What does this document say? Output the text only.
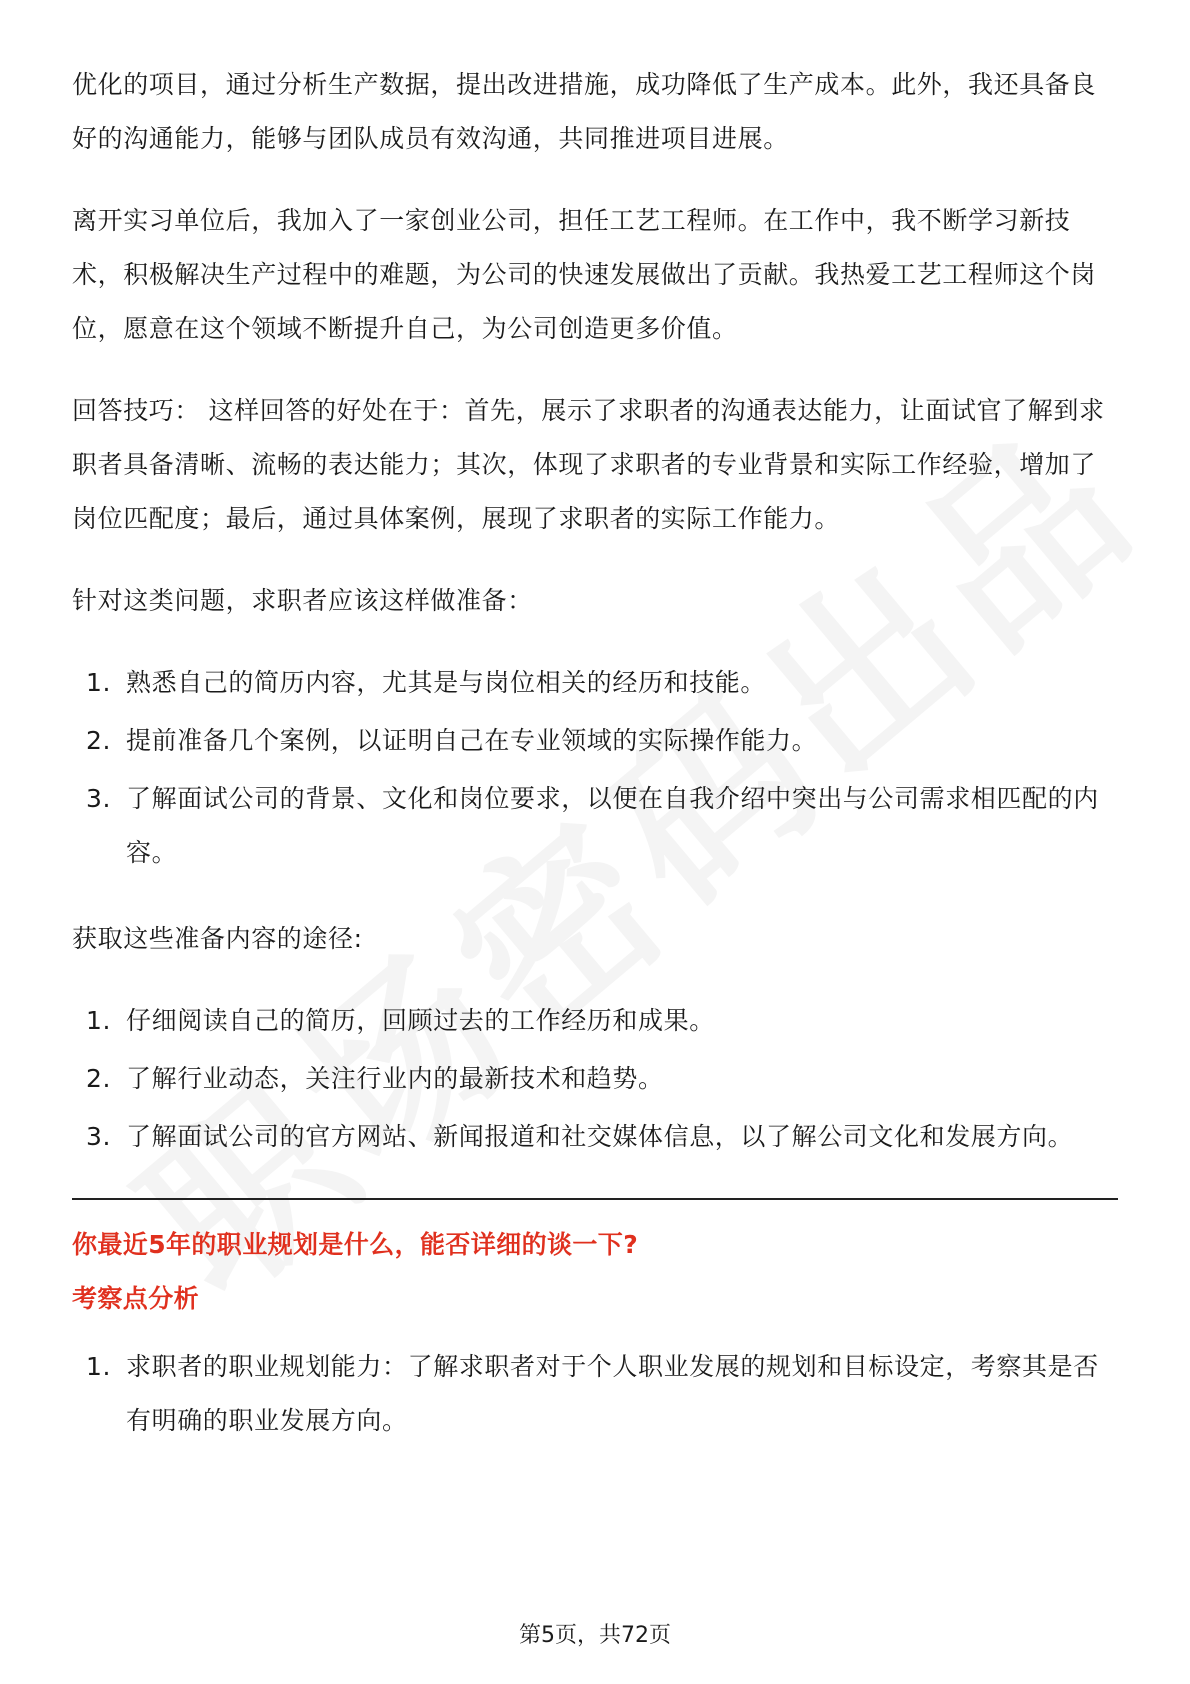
优化的项目，通过分析生产数据，提出改进措施，成功降低了生产成本。此外，我还具备良好的沟通能力，能够与团队成员有效沟通，共同推进项目进展。

离开实习单位后，我加入了一家创业公司，担任工艺工程师。在工作中，我不断学习新技术，积极解决生产过程中的难题，为公司的快速发展做出了贡献。我热爱工艺工程师这个岗位，愿意在这个领域不断提升自己，为公司创造更多价值。

回答技巧： 这样回答的好处在于：首先，展示了求职者的沟通表达能力，让面试官了解到求职者具备清晰、流畅的表达能力；其次，体现了求职者的专业背景和实际工作经验，增加了岗位匹配度；最后，通过具体案例，展现了求职者的实际工作能力。

针对这类问题，求职者应该这样做准备：

1. 熟悉自己的简历内容，尤其是与岗位相关的经历和技能。
2. 提前准备几个案例，以证明自己在专业领域的实际操作能力。
3. 了解面试公司的背景、文化和岗位要求，以便在自我介绍中突出与公司需求相匹配的内容。

获取这些准备内容的途径:

1. 仔细阅读自己的简历，回顾过去的工作经历和成果。
2. 了解行业动态，关注行业内的最新技术和趋势。
3. 了解面试公司的官方网站、新闻报道和社交媒体信息，以了解公司文化和发展方向。

你最近5年的职业规划是什么，能否详细的谈一下?

考察点分析

1. 求职者的职业规划能力：了解求职者对于个人职业发展的规划和目标设定，考察其是否有明确的职业发展方向。
第5页，共72页
